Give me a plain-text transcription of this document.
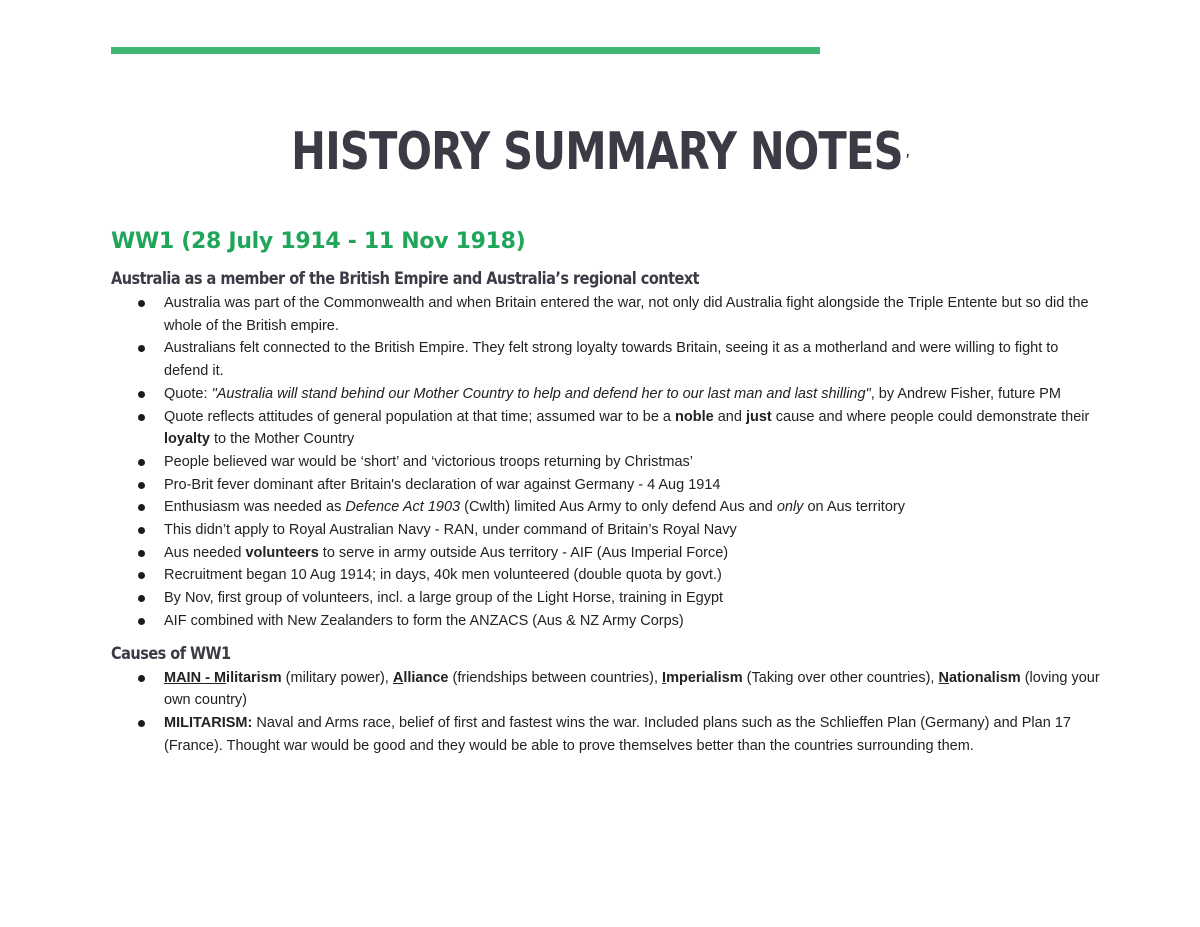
HISTORY SUMMARY NOTES ,
WW1 (28 July 1914 - 11 Nov 1918)
Australia as a member of the British Empire and Australia’s regional context
Australia was part of the Commonwealth and when Britain entered the war, not only did Australia fight alongside the Triple Entente but so did the whole of the British empire.
Australians felt connected to the British Empire. They felt strong loyalty towards Britain, seeing it as a motherland and were willing to fight to defend it.
Quote: "Australia will stand behind our Mother Country to help and defend her to our last man and last shilling", by Andrew Fisher, future PM
Quote reflects attitudes of general population at that time; assumed war to be a noble and just cause and where people could demonstrate their loyalty to the Mother Country
People believed war would be ‘short’ and ‘victorious troops returning by Christmas’
Pro-Brit fever dominant after Britain's declaration of war against Germany - 4 Aug 1914
Enthusiasm was needed as Defence Act 1903 (Cwlth) limited Aus Army to only defend Aus and only on Aus territory
This didn’t apply to Royal Australian Navy - RAN, under command of Britain’s Royal Navy
Aus needed volunteers to serve in army outside Aus territory - AIF (Aus Imperial Force)
Recruitment began 10 Aug 1914; in days, 40k men volunteered (double quota by govt.)
By Nov, first group of volunteers, incl. a large group of the Light Horse, training in Egypt
AIF combined with New Zealanders to form the ANZACS (Aus & NZ Army Corps)
Causes of WW1
MAIN - Militarism (military power), Alliance (friendships between countries), Imperialism (Taking over other countries), Nationalism (loving your own country)
MILITARISM: Naval and Arms race, belief of first and fastest wins the war. Included plans such as the Schlieffen Plan (Germany) and Plan 17 (France). Thought war would be good and they would be able to prove themselves better than the countries surrounding them.
